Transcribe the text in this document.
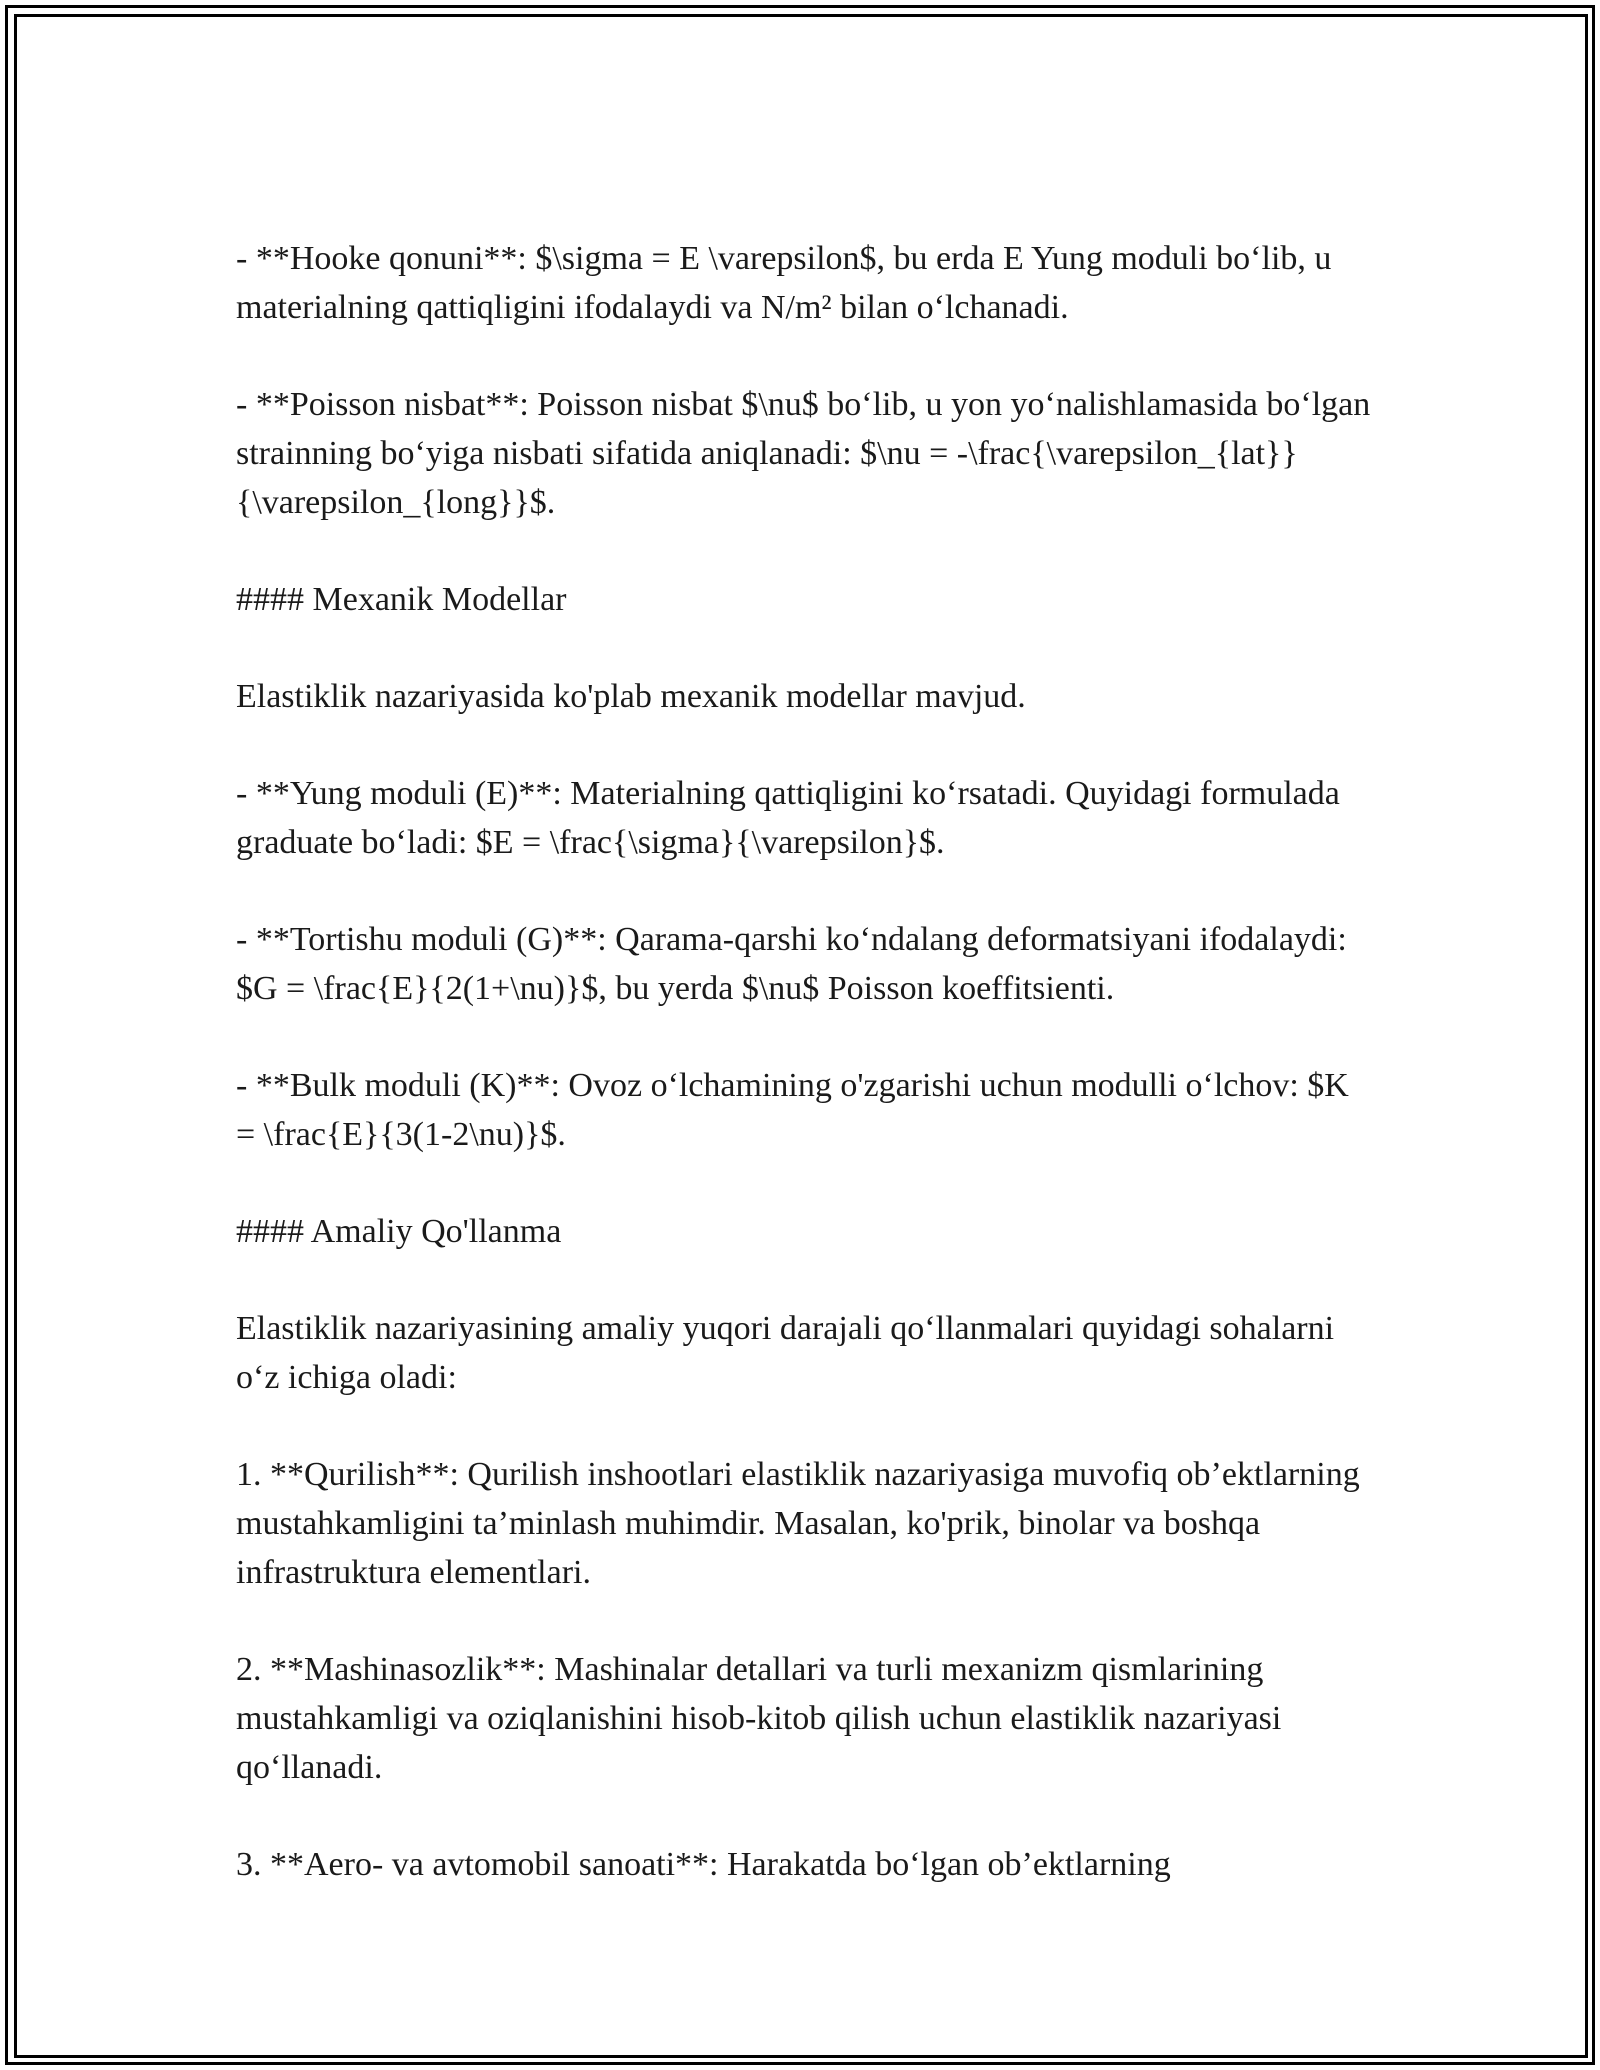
- **Hooke qonuni**: $\sigma = E \varepsilon$, bu erda E Yung moduli bo‘lib, u materialning qattiqligini ifodalaydi va N/m² bilan o‘lchanadi.

- **Poisson nisbat**: Poisson nisbat $\nu$ bo‘lib, u yon yo‘nalishlamasida bo‘lgan strainning bo‘yiga nisbati sifatida aniqlanadi: $\nu = -\frac{\varepsilon_{lat}}{\varepsilon_{long}}$.

#### Mexanik Modellar

Elastiklik nazariyasida ko'plab mexanik modellar mavjud.

- **Yung moduli (E)**: Materialning qattiqligini ko‘rsatadi. Quyidagi formulada graduate bo‘ladi: $E = \frac{\sigma}{\varepsilon}$.

- **Tortishu moduli (G)**: Qarama-qarshi ko‘ndalang deformatsiyani ifodalaydi: $G = \frac{E}{2(1+\nu)}$, bu yerda $\nu$ Poisson koeffitsienti.

- **Bulk moduli (K)**: Ovoz o‘lchamining o'zgarishi uchun modulli o‘lchov: $K = \frac{E}{3(1-2\nu)}$.

#### Amaliy Qo'llanma

Elastiklik nazariyasining amaliy yuqori darajali qo‘llanmalari quyidagi sohalarni o‘z ichiga oladi:

1. **Qurilish**: Qurilish inshootlari elastiklik nazariyasiga muvofiq ob’ektlarning mustahkamligini ta’minlash muhimdir. Masalan, ko'prik, binolar va boshqa infrastruktura elementlari.

2. **Mashinasozlik**: Mashinalar detallari va turli mexanizm qismlarining mustahkamligi va oziqlanishini hisob-kitob qilish uchun elastiklik nazariyasi qo‘llanadi.

3. **Aero- va avtomobil sanoati**: Harakatda bo‘lgan ob’ektlarning
